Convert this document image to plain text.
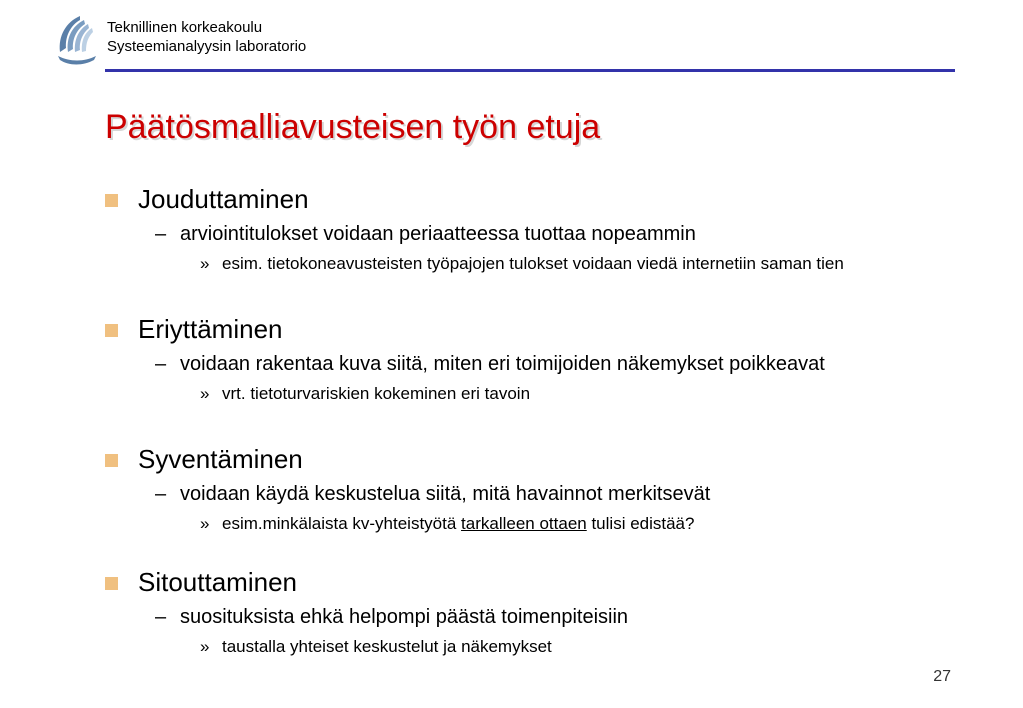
Teknillinen korkeakoulu
Systeemianalyysin laboratorio
Päätösmalliavusteisen työn etuja
Jouduttaminen
– arviointitulokset voidaan periaatteessa tuottaa nopeammin
» esim. tietokoneavusteisten työpajojen tulokset voidaan viedä internetiin saman tien
Eriyttäminen
– voidaan rakentaa kuva siitä, miten eri toimijoiden näkemykset poikkeavat
» vrt. tietoturvariskien kokeminen eri tavoin
Syventäminen
– voidaan käydä keskustelua siitä, mitä havainnot merkitsevät
» esim.minkälaista kv-yhteistyötä tarkalleen ottaen tulisi edistää?
Sitouttaminen
– suosituksista ehkä helpompi päästä toimenpiteisiin
» taustalla yhteiset keskustelut ja näkemykset
27
